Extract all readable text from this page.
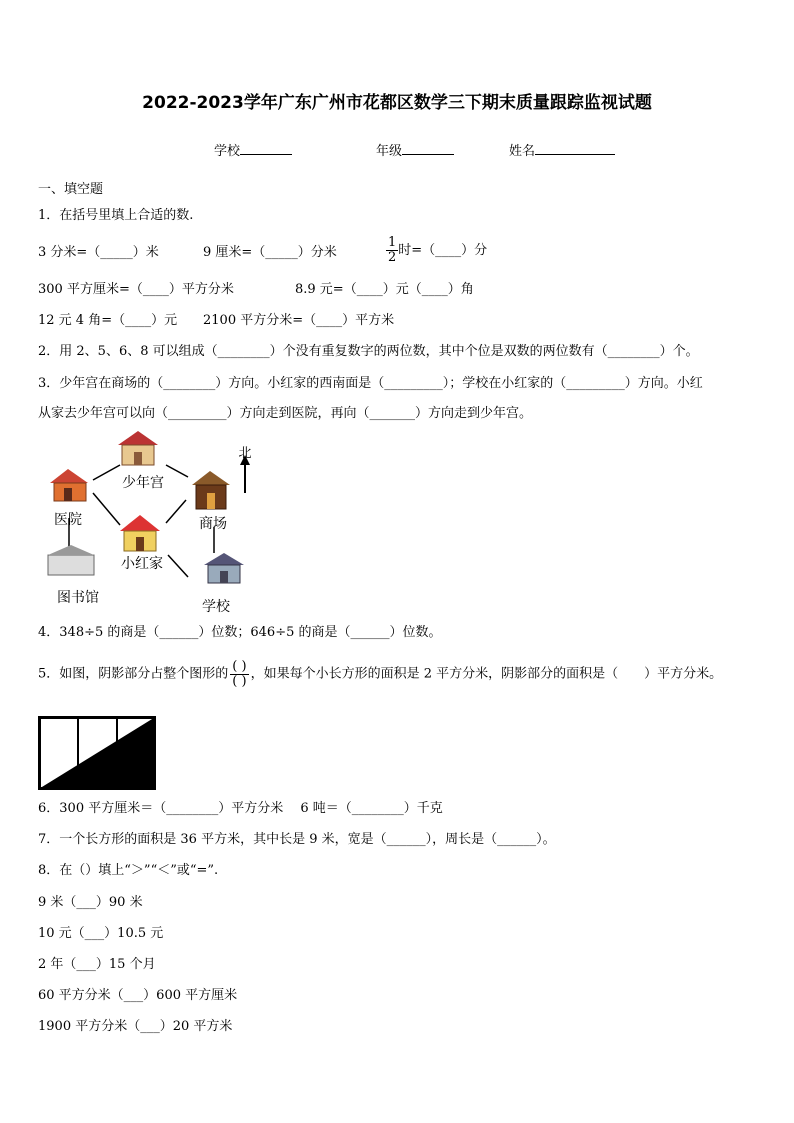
2022-2023学年广东广州市花都区数学三下期末质量跟踪监视试题
学校	年级	姓名
一、填空题
1．在括号里填上合适的数.
3 分米=（_____）米	9 厘米=（_____）分米	$\frac{1}{2}$ 时=（____）分
300 平方厘米=（____）平方分米	8.9 元=（____）元（____）角
12 元 4 角=（____）元 2100 平方分米=（____）平方米
2．用 2、5、6、8 可以组成（________）个没有重复数字的两位数，其中个位是双数的两位数有（________）个。
3．少年宫在商场的（________）方向。小红家的西南面是（_________）；学校在小红家的（_________）方向。小红
从家去少年宫可以向（_________）方向走到医院，再向（_______）方向走到少年宫。
北
少年宫
医院	商场
小红家
图书馆
学校
4．348÷5 的商是（______）位数；646÷5 的商是（______）位数。
5．如图，阴影部分占整个图形的 $\frac{( )}{( )}$ ，如果每个小长方形的面积是 2 平方分米，阴影部分的面积是（　　）平方分米。
6．300 平方厘米＝（________）平方分米　 6 吨＝（________）千克
7．一个长方形的面积是 36 平方米，其中长是 9 米，宽是（______），周长是（______）。
8．在（）填上“＞”“＜”或“=”.
9 米（___）90 米
10 元（___）10.5 元
2 年（___）15 个月
60 平方分米（___）600 平方厘米
1900 平方分米（___）20 平方米
